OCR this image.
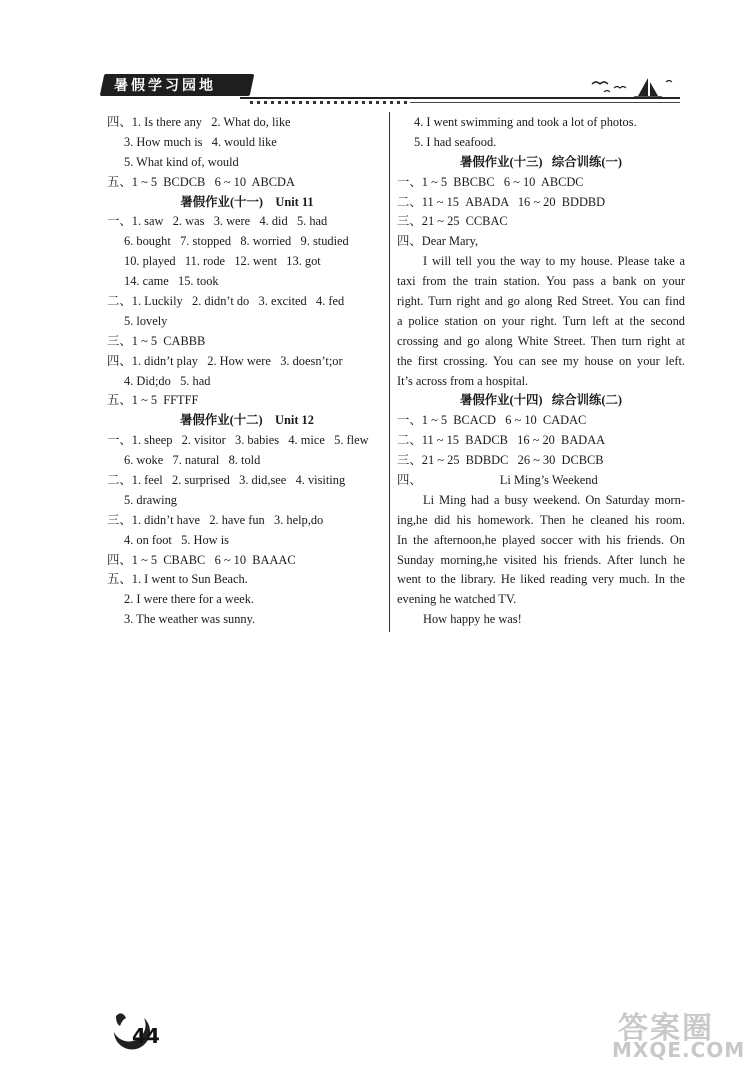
暑假学习园地
四、1. Is there any   2. What do, like
3. How much is   4. would like
5. What kind of, would
五、1 ~ 5  BCDCB   6 ~ 10  ABCDA
暑假作业(十一)    Unit 11
一、1. saw   2. was   3. were   4. did   5. had
6. bought   7. stopped   8. worried   9. studied
10. played   11. rode   12. went   13. got
14. came   15. took
二、1. Luckily   2. didn’t do   3. excited   4. fed
5. lovely
三、1 ~ 5  CABBB
四、1. didn’t play   2. How were   3. doesn’t;or
4. Did;do   5. had
五、1 ~ 5  FFTFF
暑假作业(十二)    Unit 12
一、1. sheep   2. visitor   3. babies   4. mice   5. flew
6. woke   7. natural   8. told
二、1. feel   2. surprised   3. did,see   4. visiting
5. drawing
三、1. didn’t have   2. have fun   3. help,do
4. on foot   5. How is
四、1 ~ 5  CBABC   6 ~ 10  BAAAC
五、1. I went to Sun Beach.
2. I were there for a week.
3. The weather was sunny.
4. I went swimming and took a lot of photos.
5. I had seafood.
暑假作业(十三)   综合训练(一)
一、1 ~ 5  BBCBC   6 ~ 10  ABCDC
二、11 ~ 15  ABADA   16 ~ 20  BDDBD
三、21 ~ 25  CCBAC
四、Dear Mary,
I will tell you the way to my house. Please take a
taxi from the train station. You pass a bank on your
right. Turn right and go along Red Street. You can find
a police station on your right. Turn left at the second
crossing and go along White Street. Then turn right at
the first crossing. You can see my house on your left.
It’s across from a hospital.
暑假作业(十四)   综合训练(二)
一、1 ~ 5  BCACD   6 ~ 10  CADAC
二、11 ~ 15  BADCB   16 ~ 20  BADAA
三、21 ~ 25  BDBDC   26 ~ 30  DCBCB
四、	Li Ming’s Weekend
Li Ming had a busy weekend. On Saturday morn-
ing,he did his homework. Then he cleaned his room.
In the afternoon,he played soccer with his friends. On
Sunday morning,he visited his friends. After lunch he
went to the library. He liked reading very much. In the
evening he watched TV.
How happy he was!
44	答案圈
MXQE.COM
